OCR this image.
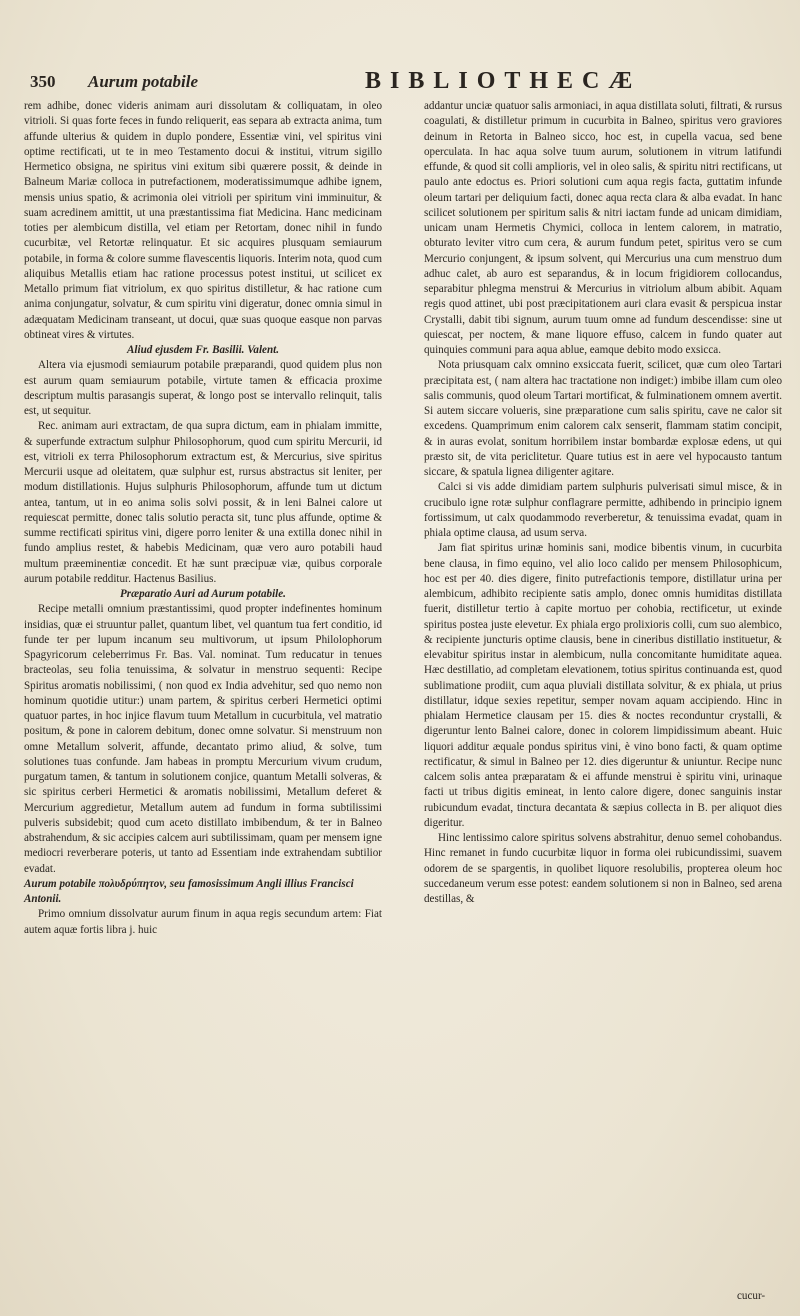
350 Aurum potabile	BIBLIOTHECÆ

rem adhibe, donec videris animam auri dissolutam & colliquatam, in oleo vitrioli. Si quas forte feces in fundo reliquerit, eas separa ab extracta anima, tum affunde ulterius & quidem in duplo pondere, Essentiæ vini, vel spiritus vini optime rectificati, ut te in meo Testamento docui & institui, vitrum sigillo Hermetico obsigna, ne spiritus vini exitum sibi quærere possit, & deinde in Balneum Mariæ colloca in putrefactionem, moderatissimumque adhibe ignem, mensis unius spatio, & acrimonia olei vitrioli per spiritum vini imminuitur, & suam acredinem amittit, ut una præstantissima fiat Medicina. Hanc medicinam toties per alembicum distilla, vel etiam per Retortam, donec nihil in fundo cucurbitæ, vel Retortæ relinquatur. Et sic acquires plusquam semiaurum potabile, in forma & colore summe flavescentis liquoris. Interim nota, quod cum aliquibus Metallis etiam hac ratione processus potest institui, ut scilicet ex Metallo primum fiat vitriolum, ex quo spiritus distilletur, & hac ratione cum anima conjungatur, solvatur, & cum spiritu vini digeratur, donec omnia simul in adæquatam Medicinam transeant, ut docui, quæ suas quoque easque non parvas obtineat vires & virtutes.

Aliud ejusdem Fr. Basilii. Valent.

Altera via ejusmodi semiaurum potabile præparandi, quod quidem plus non est aurum quam semiaurum potabile, virtute tamen & efficacia proxime descriptum multis parasangis superat, & longo post se intervallo relinquit, talis est, ut sequitur.

Rec. animam auri extractam, de qua supra dictum, eam in phialam immitte, & superfunde extractum sulphur Philosophorum, quod cum spiritu Mercurii, id est, vitrioli ex terra Philosophorum extractum est, & Mercurius, sive spiritus Mercurii usque ad oleitatem, quæ sulphur est, rursus abstractus sit leniter, per modum distillationis. Hujus sulphuris Philosophorum, affunde tum ut dictum antea, tantum, ut in eo anima solis solvi possit, & in leni Balnei calore ut requiescat permitte, donec talis solutio peracta sit, tunc plus affunde, optime & summe rectificati spiritus vini, digere porro leniter & una extilla donec nihil in fundo amplius restet, & habebis Medicinam, quæ vero auro potabili haud multum præeminentiæ concedit. Et hæ sunt præcipuæ viæ, quibus corporale aurum potabile redditur. Hactenus Basilius.

Præparatio Auri ad Aurum potabile.

Recipe metalli omnium præstantissimi, quod propter indefinentes hominum insidias, quæ ei struuntur pallet, quantum libet, vel quantum tua fert conditio, id funde ter per lupum incanum seu multivorum, ut ipsum Philolophorum Spagyricorum celeberrimus Fr. Bas. Val. nominat. Tum reducatur in tenues bracteolas, seu folia tenuissima, & solvatur in menstruo sequenti: Recipe Spiritus aromatis nobilissimi, ( non quod ex India advehitur, sed quo nemo non hominum quotidie utitur:) unam partem, & spiritus cerberi Hermetici optimi quatuor partes, in hoc injice flavum tuum Metallum in cucurbitula, vel matratio positum, & pone in calorem debitum, donec omne solvatur. Si menstruum non omne Metallum solverit, affunde, decantato primo aliud, & solve, tum solutiones tuas confunde. Jam habeas in promptu Mercurium vivum crudum, purgatum tamen, & tantum in solutionem conjice, quantum Metalli solveras, & sic spiritus cerberi Hermetici & aromatis nobilissimi, Metallum deferet & Mercurium aggredietur, Metallum autem ad fundum in forma subtilissimi pulveris subsidebit; quod cum aceto distillato imbibendum, & ter in Balneo abstrahendum, & sic accipies calcem auri subtilissimam, quam per mensem igne mediocri reverberare poteris, ut tanto ad Essentiam inde extrahendam subtilior evadat.

Aurum potabile πολυδρύπητον, seu famosissimum Angli illius Francisci Antonii.

Primo omnium dissolvatur aurum finum in aqua regis secundum artem: Fiat autem aquæ fortis libra j. huic

addantur unciæ quatuor salis armoniaci, in aqua distillata soluti, filtrati, & rursus coagulati, & distilletur primum in cucurbita in Balneo, spiritus vero graviores deinum in Retorta in Balneo sicco, hoc est, in cupella vacua, sed bene operculata. In hac aqua solve tuum aurum, solutionem in vitrum latifundi effunde, & quod sit colli amplioris, vel in oleo salis, & spiritu nitri rectificans, ut paulo ante edoctus es. Priori solutioni cum aqua regis facta, guttatim infunde oleum tartari per deliquium facti, donec aqua recta clara & alba evadat. In hanc scilicet solutionem per spiritum salis & nitri iactam funde ad unicam dimidiam, unicam unam Hermetis Chymici, colloca in lentem calorem, in matratio, obturato leviter vitro cum cera, & aurum fundum petet, spiritus vero se cum Mercurio conjungent, & ipsum solvent, qui Mercurius una cum menstruo dum adhuc calet, ab auro est separandus, & in locum frigidiorem collocandus, separabitur phlegma menstrui & Mercurius in vitriolum album abibit. Aquam regis quod attinet, ubi post præcipitationem auri clara evasit & perspicua instar Crystalli, dabit tibi signum, aurum tuum omne ad fundum descendisse: sine ut quiescat, per noctem, & mane liquore effuso, calcem in fundo quater aut quinquies communi para aqua ablue, eamque debito modo exsicca.

Nota priusquam calx omnino exsiccata fuerit, scilicet, quæ cum oleo Tartari præcipitata est, ( nam altera hac tractatione non indiget:) imbibe illam cum oleo salis communis, quod oleum Tartari mortificat, & fulminationem omnem avertit. Si autem siccare volueris, sine præparatione cum salis spiritu, cave ne calor sit excedens. Quamprimum enim calorem calx senserit, flammam statim concipit, & in auras evolat, sonitum horribilem instar bombardæ explosæ edens, ut qui præsto sit, de vita periclitetur. Quare tutius est in aere vel hypocausto tantum siccare, & spatula lignea diligenter agitare.

Calci si vis adde dimidiam partem sulphuris pulverisati simul misce, & in crucibulo igne rotæ sulphur conflagrare permitte, adhibendo in principio ignem fortissimum, ut calx quodammodo reverberetur, & tenuissima evadat, quam in phiala optime clausa, ad usum serva.

Jam fiat spiritus urinæ hominis sani, modice bibentis vinum, in cucurbita bene clausa, in fimo equino, vel alio loco calido per mensem Philosophicum, hoc est per 40. dies digere, finito putrefactionis tempore, distillatur urina per alembicum, adhibito recipiente satis amplo, donec omnis humiditas distillata fuerit, distilletur tertio à capite mortuo per cohobia, rectificetur, ut exinde spiritus postea juste elevetur. Ex phiala ergo prolixioris colli, cum suo alembico, & recipiente juncturis optime clausis, bene in cineribus distillatio instituetur, & elevabitur spiritus instar in alembicum, nulla concomitante humiditate aquea. Hæc destillatio, ad completam elevationem, totius spiritus continuanda est, quod sublimatione prodiit, cum aqua pluviali distillata solvitur, & ex phiala, ut prius distillatur, idque sexies repetitur, semper novam aquam accipiendo. Hinc in phialam Hermetice clausam per 15. dies & noctes reconduntur crystalli, & digeruntur lento Balnei calore, donec in colorem limpidissimum abeant. Huic liquori additur æquale pondus spiritus vini, è vino bono facti, & quam optime rectificatur, & simul in Balneo per 12. dies digeruntur & uniuntur. Recipe nunc calcem solis antea præparatam & ei affunde menstrui è spiritu vini, urinaque facti ut tribus digitis emineat, in lento calore digere, donec sanguinis instar rubicundum evadat, tinctura decantata & sæpius collecta in B. per aliquot dies digeritur.

Hinc lentissimo calore spiritus solvens abstrahitur, denuo semel cohobandus. Hinc remanet in fundo cucurbitæ liquor in forma olei rubicundissimi, suavem odorem de se spargentis, in quolibet liquore resolubilis, propterea oleum hoc succedaneum verum esse potest: eandem solutionem si non in Balneo, sed arena destillas, &

cucur-
